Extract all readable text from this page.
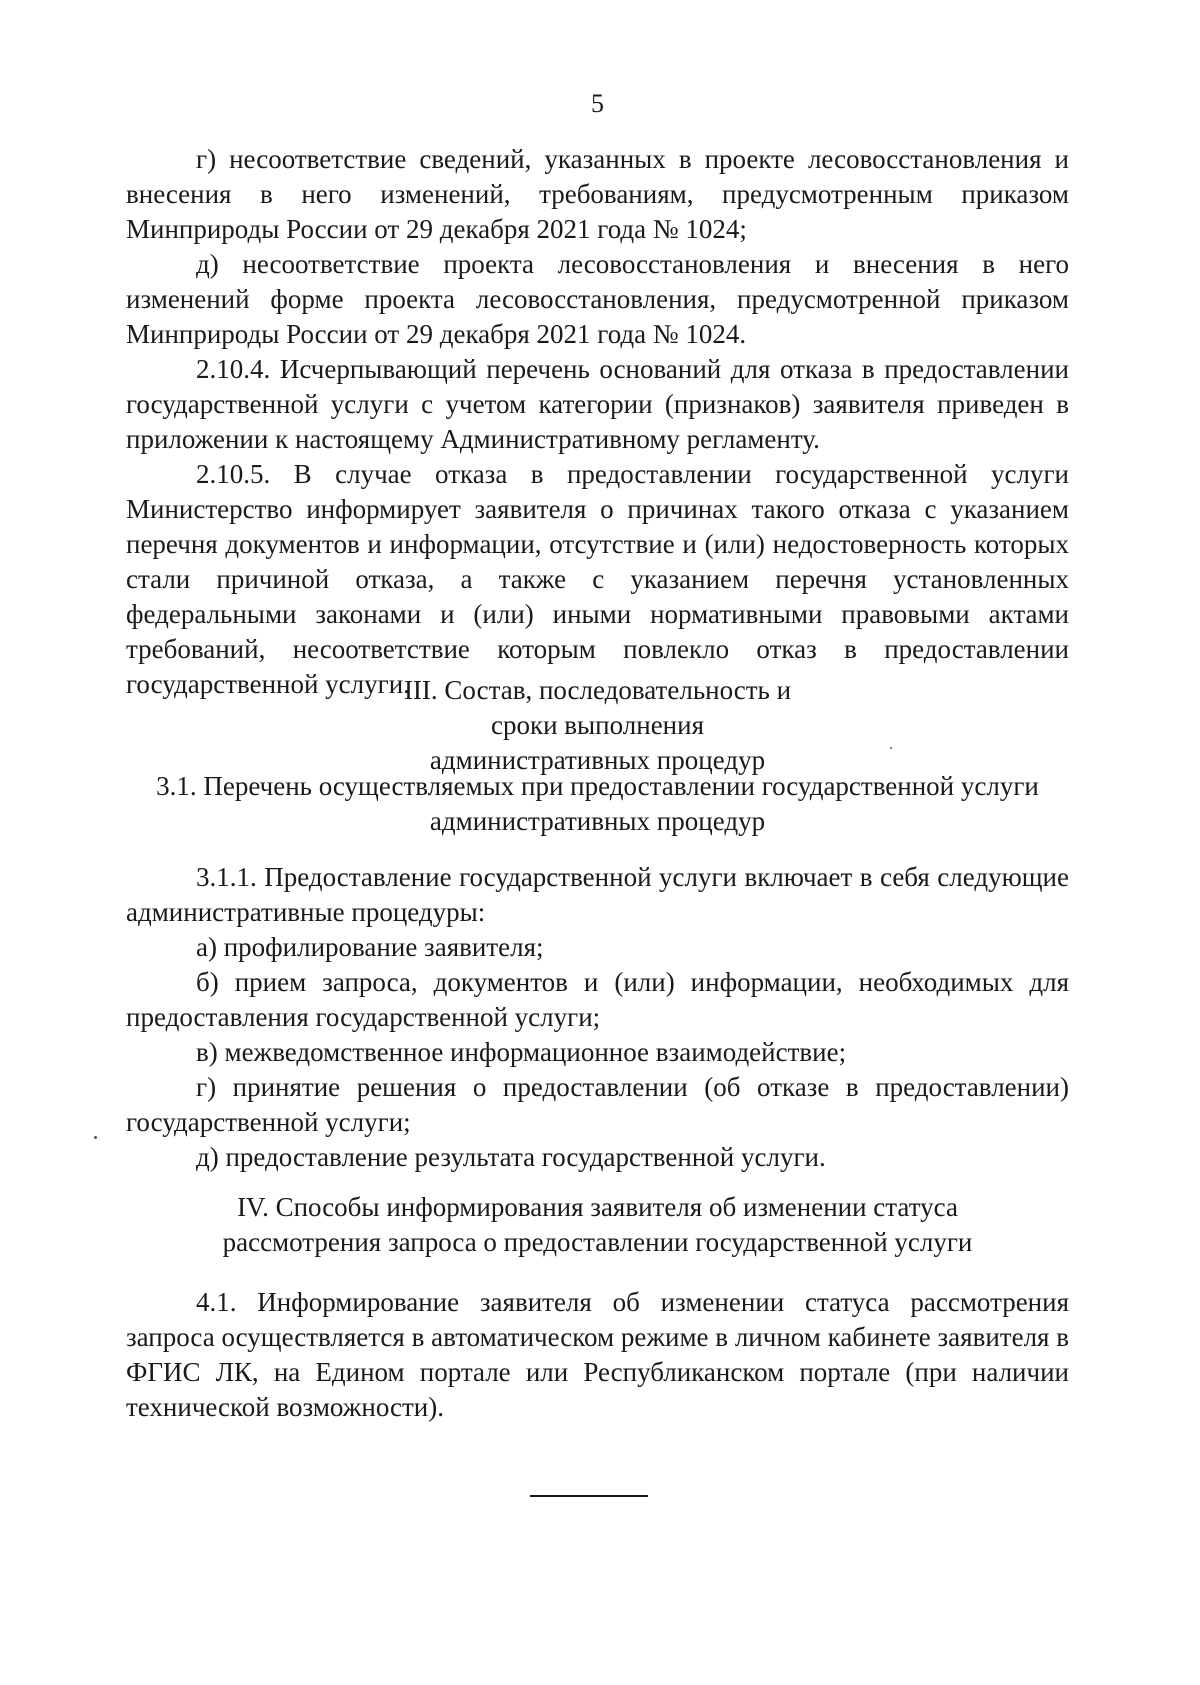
5

г) несоответствие сведений, указанных в проекте лесовосстановления и внесения в него изменений, требованиям, предусмотренным приказом Минприроды России от 29 декабря 2021 года № 1024;

д) несоответствие проекта лесовосстановления и внесения в него изменений форме проекта лесовосстановления, предусмотренной приказом Минприроды России от 29 декабря 2021 года № 1024.

2.10.4. Исчерпывающий перечень оснований для отказа в предоставлении государственной услуги с учетом категории (признаков) заявителя приведен в приложении к настоящему Административному регламенту.

2.10.5. В случае отказа в предоставлении государственной услуги Министерство информирует заявителя о причинах такого отказа с указанием перечня документов и информации, отсутствие и (или) недостоверность которых стали причиной отказа, а также с указанием перечня установленных федеральными законами и (или) иными нормативными правовыми актами требований, несоответствие которым повлекло отказ в предоставлении государственной услуги.

III. Состав, последовательность и сроки выполнения административных процедур
3.1. Перечень осуществляемых при предоставлении государственной услуги административных процедур

3.1.1. Предоставление государственной услуги включает в себя следующие административные процедуры:

а) профилирование заявителя;

б) прием запроса, документов и (или) информации, необходимых для предоставления государственной услуги;

в) межведомственное информационное взаимодействие;

г) принятие решения о предоставлении (об отказе в предоставлении) государственной услуги;

д) предоставление результата государственной услуги.

IV. Способы информирования заявителя об изменении статуса рассмотрения запроса о предоставлении государственной услуги

4.1. Информирование заявителя об изменении статуса рассмотрения запроса осуществляется в автоматическом режиме в личном кабинете заявителя в ФГИС ЛК, на Едином портале или Республиканском портале (при наличии технической возможности).
